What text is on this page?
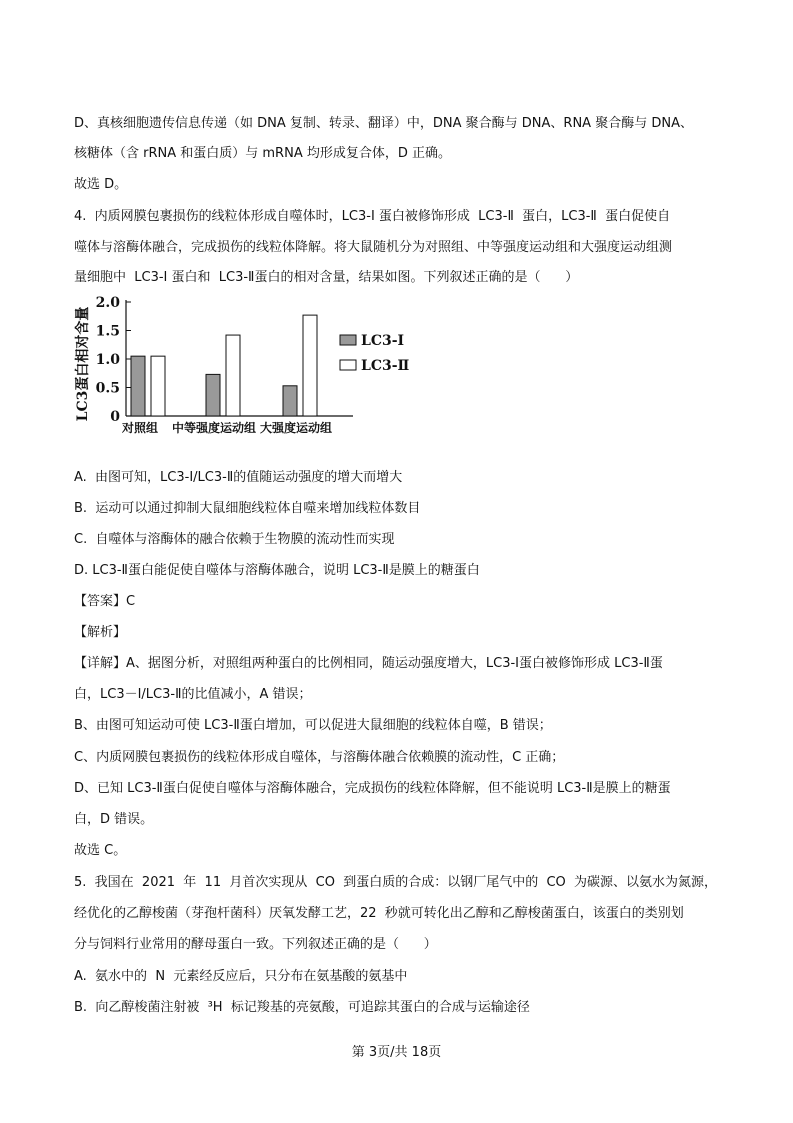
D、真核细胞遗传信息传递（如 DNA 复制、转录、翻译）中，DNA 聚合酶与 DNA、RNA 聚合酶与 DNA、
核糖体（含 rRNA 和蛋白质）与 mRNA 均形成复合体，D 正确。
故选 D。
4.  内质网膜包裹损伤的线粒体形成自噬体时，LC3-Ⅰ 蛋白被修饰形成  LC3-Ⅱ  蛋白，LC3-Ⅱ  蛋白促使自
噬体与溶酶体融合，完成损伤的线粒体降解。将大鼠随机分为对照组、中等强度运动组和大强度运动组测
量细胞中  LC3-Ⅰ 蛋白和  LC3-Ⅱ蛋白的相对含量，结果如图。下列叙述正确的是（      ）
LC3蛋白相对含量
2.0
1.5
1.0
0.5
0
对照组 中等强度运动组 大强度运动组
LC3-Ⅰ
LC3-Ⅱ
A.  由图可知，LC3-Ⅰ/LC3-Ⅱ的值随运动强度的增大而增大
B.  运动可以通过抑制大鼠细胞线粒体自噬来增加线粒体数目
C.  自噬体与溶酶体的融合依赖于生物膜的流动性而实现
D. LC3-Ⅱ蛋白能促使自噬体与溶酶体融合，说明 LC3-Ⅱ是膜上的糖蛋白
【答案】C
【解析】
【详解】A、据图分析，对照组两种蛋白的比例相同，随运动强度增大，LC3-Ⅰ蛋白被修饰形成 LC3-Ⅱ蛋
白，LC3－Ⅰ/LC3-Ⅱ的比值减小，A 错误；
B、由图可知运动可使 LC3-Ⅱ蛋白增加，可以促进大鼠细胞的线粒体自噬，B 错误；
C、内质网膜包裹损伤的线粒体形成自噬体，与溶酶体融合依赖膜的流动性，C 正确；
D、已知 LC3-Ⅱ蛋白促使自噬体与溶酶体融合，完成损伤的线粒体降解，但不能说明 LC3-Ⅱ是膜上的糖蛋
白，D 错误。
故选 C。
5.  我国在  2021  年  11  月首次实现从  CO  到蛋白质的合成：以钢厂尾气中的  CO  为碳源、以氨水为氮源，
经优化的乙醇梭菌（芽孢杆菌科）厌氧发酵工艺，22  秒就可转化出乙醇和乙醇梭菌蛋白，该蛋白的类别划
分与饲料行业常用的酵母蛋白一致。下列叙述正确的是（      ）
A.  氨水中的  N  元素经反应后，只分布在氨基酸的氨基中
B.  向乙醇梭菌注射被  ³H  标记羧基的亮氨酸，可追踪其蛋白的合成与运输途径
第 3页/共 18页
